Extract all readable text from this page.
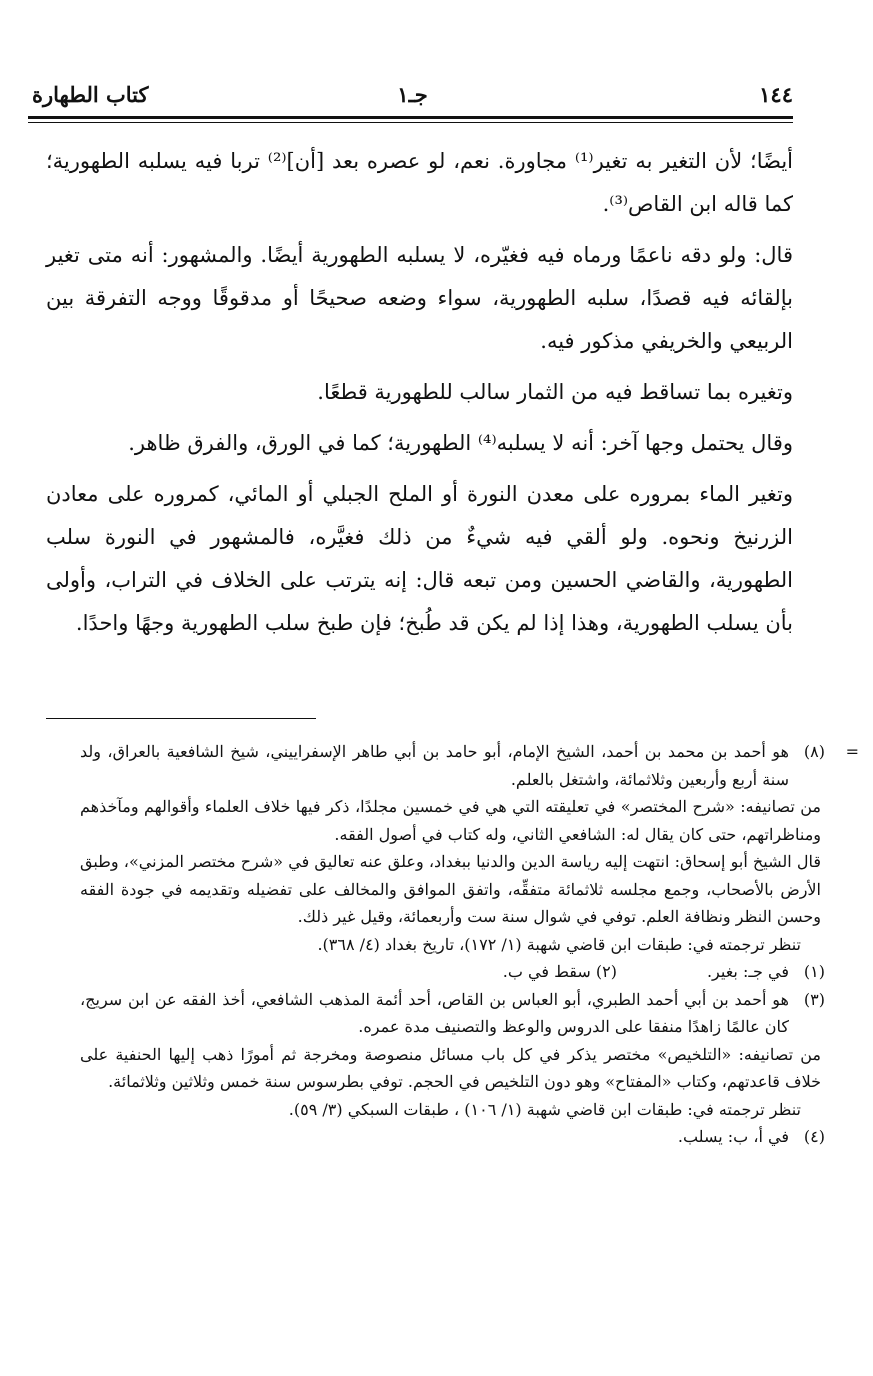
١٤٤
جـ١
كتاب الطهارة

أيضًا؛ لأن التغير به تغير⁽¹⁾ مجاورة. نعم، لو عصره بعد [أن]⁽²⁾ تربا فيه يسلبه الطهورية؛ كما قاله ابن القاص⁽³⁾.

قال: ولو دقه ناعمًا ورماه فيه فغيّره، لا يسلبه الطهورية أيضًا. والمشهور: أنه متى تغير بإلقائه فيه قصدًا، سلبه الطهورية، سواء وضعه صحيحًا أو مدقوقًا ووجه التفرقة بين الربيعي والخريفي مذكور فيه.

وتغيره بما تساقط فيه من الثمار سالب للطهورية قطعًا.

وقال يحتمل وجها آخر: أنه لا يسلبه⁽⁴⁾ الطهورية؛ كما في الورق، والفرق ظاهر.

وتغير الماء بمروره على معدن النورة أو الملح الجبلي أو المائي، كمروره على معادن الزرنيخ ونحوه. ولو ألقي فيه شيءٌ من ذلك فغيَّره، فالمشهور في النورة سلب الطهورية، والقاضي الحسين ومن تبعه قال: إنه يترتب على الخلاف في التراب، وأولى بأن يسلب الطهورية، وهذا إذا لم يكن قد طُبخ؛ فإن طبخ سلب الطهورية وجهًا واحدًا.

=
(٨)
هو أحمد بن محمد بن أحمد، الشيخ الإمام، أبو حامد بن أبي طاهر الإسفراييني، شيخ الشافعية بالعراق، ولد سنة أربع وأربعين وثلاثمائة، واشتغل بالعلم.
من تصانيفه: «شرح المختصر» في تعليقته التي هي في خمسين مجلدًا، ذكر فيها خلاف العلماء وأقوالهم ومآخذهم ومناظراتهم، حتى كان يقال له: الشافعي الثاني، وله كتاب في أصول الفقه.
قال الشيخ أبو إسحاق: انتهت إليه رياسة الدين والدنيا ببغداد، وعلق عنه تعاليق في «شرح مختصر المزني»، وطبق الأرض بالأصحاب، وجمع مجلسه ثلاثمائة متفقِّه، واتفق الموافق والمخالف على تفضيله وتقديمه في جودة الفقه وحسن النظر ونظافة العلم. توفي في شوال سنة ست وأربعمائة، وقيل غير ذلك.
تنظر ترجمته في: طبقات ابن قاضي شهبة (١/ ١٧٢)، تاريخ بغداد (٤/ ٣٦٨).
(١)
في جـ: بغير.
(٢) سقط في ب.
(٣)
هو أحمد بن أبي أحمد الطبري، أبو العباس بن القاص، أحد أئمة المذهب الشافعي، أخذ الفقه عن ابن سريج، كان عالمًا زاهدًا منفقا على الدروس والوعظ والتصنيف مدة عمره.
من تصانيفه: «التلخيص» مختصر يذكر في كل باب مسائل منصوصة ومخرجة ثم أمورًا ذهب إليها الحنفية على خلاف قاعدتهم، وكتاب «المفتاح» وهو دون التلخيص في الحجم. توفي بطرسوس سنة خمس وثلاثين وثلاثمائة.
تنظر ترجمته في: طبقات ابن قاضي شهبة (١/ ١٠٦) ، طبقات السبكي (٣/ ٥٩).
(٤)
في أ، ب: يسلب.
